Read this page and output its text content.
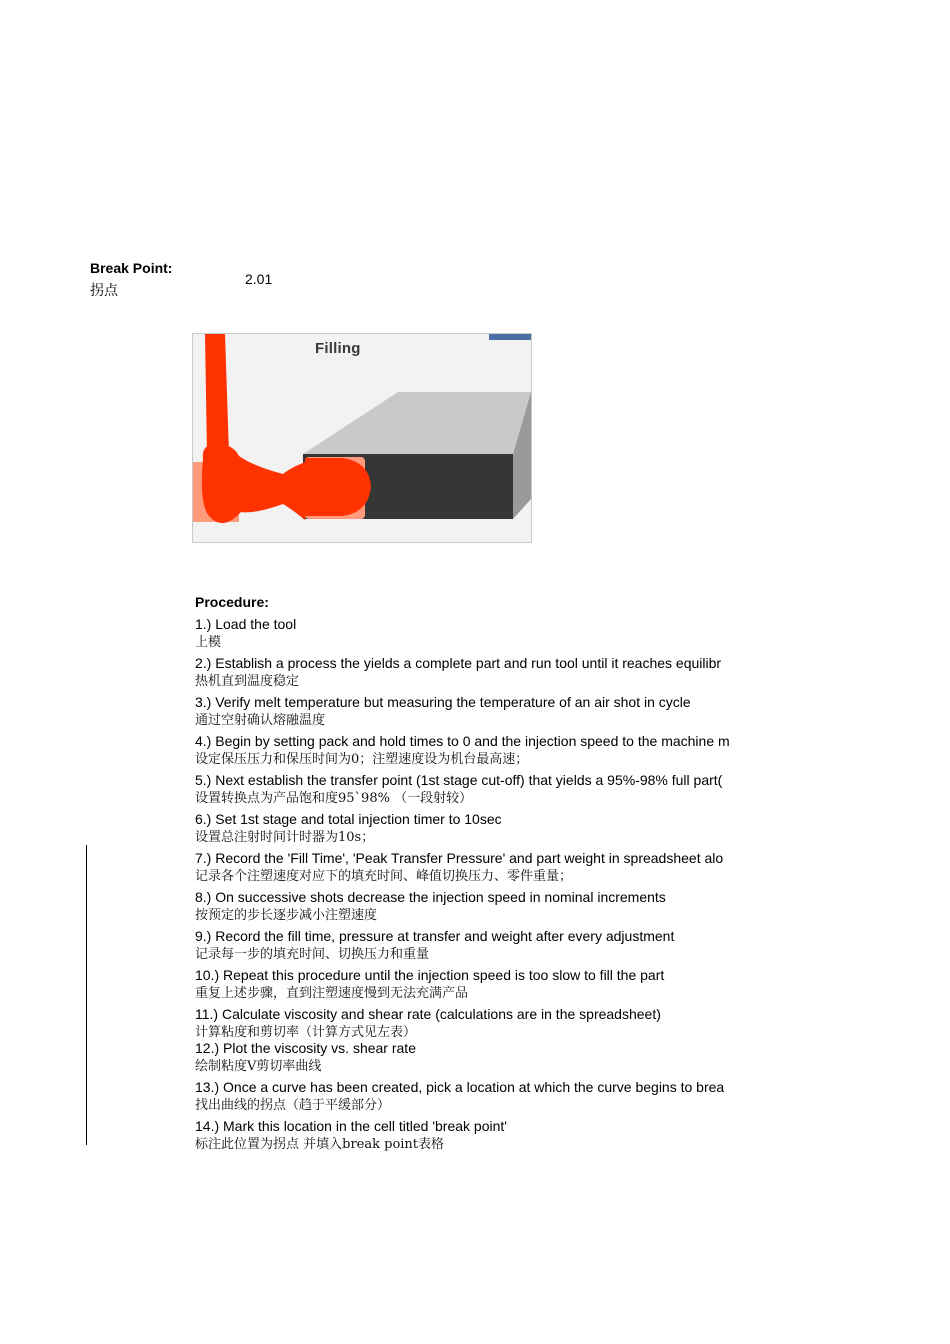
Break Point:
拐点
2.01
Filling
Procedure:
1.) Load the tool
上模
2.) Establish a process the yields a complete part and run tool until it reaches equilibr
热机直到温度稳定
3.) Verify melt temperature but measuring the temperature of an air shot in cycle
通过空射确认熔融温度
4.) Begin by setting pack and hold times to 0 and the injection speed to the machine m
设定保压压力和保压时间为0；注塑速度设为机台最高速；
5.) Next establish the transfer point (1st stage cut-off) that yields a 95%-98% full part(
设置转换点为产品饱和度95`98% （一段射较）
6.) Set 1st stage and total injection timer to 10sec
设置总注射时间计时器为10s；
7.) Record the 'Fill Time', 'Peak Transfer Pressure' and part weight in spreadsheet alo
记录各个注塑速度对应下的填充时间、峰值切换压力、零件重量；
8.) On successive shots decrease the injection speed in nominal increments
按预定的步长逐步减小注塑速度
9.) Record the fill time, pressure at transfer and weight after every adjustment
记录每一步的填充时间、切换压力和重量
10.) Repeat this procedure until the injection speed is too slow to fill the part
重复上述步骤，直到注塑速度慢到无法充满产品
11.) Calculate viscosity and shear rate (calculations are in the spreadsheet)
计算粘度和剪切率（计算方式见左表）
12.) Plot the viscosity vs. shear rate
绘制粘度V剪切率曲线
13.) Once a curve has been created, pick a location at which the curve begins to brea
找出曲线的拐点（趋于平缓部分）
14.) Mark this location in the cell titled 'break point'
标注此位置为拐点 并填入break point表格
